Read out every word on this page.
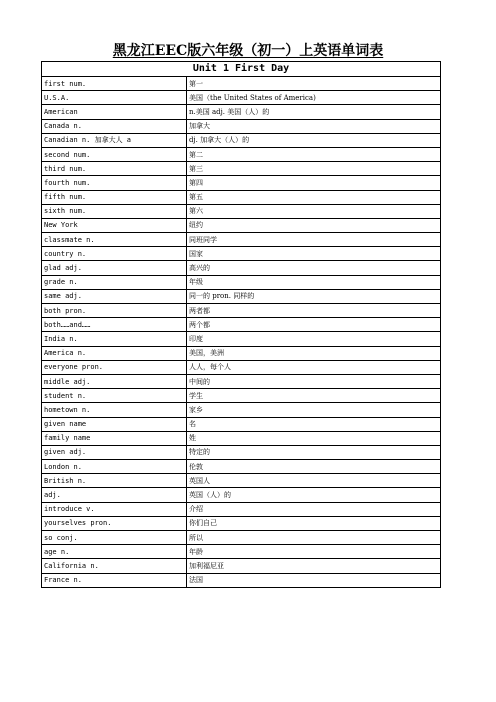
黑龙江EEC版六年级（初一）上英语单词表
Unit 1 First Day	
first num.	第一
U.S.A.	美国（the United States of America)
American	n.美国 adj. 美国（人）的
Canada n.	加拿大
Canadian n. 加拿大人 a	dj. 加拿大（人）的
second num.	第二
third num.	第三
fourth num.	第四
fifth num.	第五
sixth num.	第六
New York	纽约
classmate n.	同班同学
country n.	国家
glad adj.	高兴的
grade n.	年级
same adj.	同一的 pron. 同样的
both pron.	两者都
both……and……	两个都
India n.	印度
America n.	美国，美洲
everyone pron.	人人，每个人
middle adj.	中间的
student n.	学生
hometown n.	家乡
given name	名
family name	姓
given adj.	特定的
London n.	伦敦
British n.	英国人
adj.	英国（人）的
introduce v.	介绍
yourselves pron.	你们自己
so conj.	所以
age n.	年龄
California n.	加利福尼亚
France n.	法国
